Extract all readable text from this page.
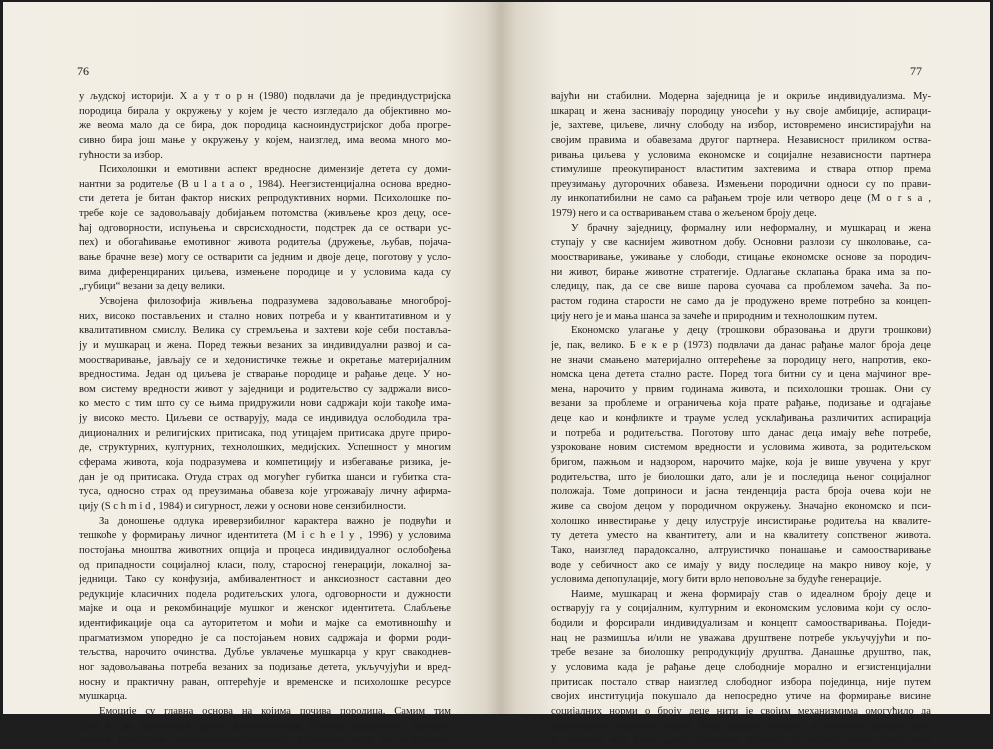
76
у људској историји. Х а у т о р н (1980) подвлачи да је прединдустријска
породица бирала у окружењу у којем је често изгледало да објективно мо-
же веома мало да се бира, док породица касноиндустријског доба прогре-
сивно бира још мање у окружењу у којем, наизглед, има веома много мо-
гућности за избор.
Психолошки и емотивни аспект вредносне димензије детета су доми-
нантни за родитеље (B u l a t a o , 1984). Неегзистенцијална основа вредно-
сти детета је битан фактор ниских репродуктивних норми. Психолошке по-
требе које се задовољавају добијањем потомства (живљење кроз децу, осе-
ћај одговорности, испуњења и сврсисходности, подстрек да се оствари ус-
пех) и обогаћивање емотивног живота родитеља (дружење, љубав, појача-
вање брачне везе) могу се остварити са једним и двоје деце, поготову у усло-
вима диференцираних циљева, измењене породице и у условима када су
„губици“ везани за децу велики.
Усвојена филозофија живљења подразумева задовољавање многобрoј-
них, високо постављених и стално нових потреба и у квантитативном и у
квалитативном смислу. Велика су стремљења и захтеви које себи постављa-
ју и мушкарац и жена. Поред тежњи везаних за индивидуални развој и са-
моостваривање, јављају се и хедонистичке тежње и окретање материјалним
вредностима. Један од циљева је стварање породице и рађање деце. У но-
вом систему вредности живот у заједници и родитељство су задржали висо-
ко место с тим што су се њима придружили нови садржаји који такође има-
ју високо место. Циљеви се остварују, мада се индивидуа ослободила тра-
диционалних и религијских притисака, под утицајем притисака друге приро-
де, структурних, културних, технолошких, медијских. Успешност у многим
сферама живота, која подразумева и компетицију и избегавање ризика, је-
дан је од притисака. Отуда страх од могућег губитка шанси и губитка ста-
туса, односно страх од преузимања обавеза које угрожавају личну афирма-
цију (S c h m i d , 1984) и сигурност, лежи у основи нове сензибилности.
За доношење одлука иреверзибилног карактера важно је подвући и
тешкоће у формирању личног идентитета (M i c h e l y , 1996) у условима
постојања мноштва животних опција и процеса индивидуалног ослобођења
од припадности социјалној класи, полу, старосној генерацији, локалној за-
једници. Тако су конфузија, амбивалентност и анксиозност саставни део
редукције класичних подела родитељских улога, одговорности и дужности
мајке и оца и рекомбинације мушког и женског идентитета. Слабљење
идентификације оца са ауторитетом и моћи и мајке са емотивношћу и
прагматизмом упоредно је са постојањем нових садржаја и форми роди-
тељства, нарочито очинства. Дубље увлачење мушкарца у круг свакоднев-
ног задовољавања потреба везаних за подизање детета, укључујући и вред-
носну и практичну раван, оптерећује и временске и психолошке ресурсе
мушкарца.
Емоције су главна основа на којима почива породица. Самим тим
брак и све присутнији други, флексибилнији, облици заједништва проузро-
ковани процесима деинституционализације, дугорочно нису ни подразуме-
77
вајући ни стабилни. Модерна заједница је и окриље индивидуализма. Му-
шкарац и жена заснивају породицу уносећи у њу своје амбиције, аспираци-
је, захтеве, циљеве, личну слободу на избор, истовремено инсистирајући на
својим правима и обавезама другог партнера. Независност приликом оства-
ривања циљева у условима економске и социјалне независности партнера
стимулише преокупираност властитим захтевима и ствара отпор према
преузимању дугорочних обавеза. Измењени породични односи су по прави-
лу инкопатибилни не само са рађањем троје или четворо деце (M o r s a ,
1979) него и са остваривањем става о жељеном броју деце.
У брачну заједницу, формалну или неформалну, и мушкарац и жена
ступају у све каснијем животном добу. Основни разлози су школовање, са-
моостваривање, уживање у слободи, стицање економске основе за породич-
ни живот, бирање животне стратегије. Одлагање склапања брака има за по-
следицу, пак, да се све више парова суочава са проблемом зачећа. За по-
растом година старости не само да је продужено време потребно за концеп-
цију него је и мања шанса за зачеће и природним и технолошким путем.
Економско улагање у децу (трошкови образовања и други трошкови)
је, пак, велико. Б е к е р (1973) подвлачи да данас рађање малог броја деце
не значи смањено материјално оптерећење за породицу него, напротив, еко-
номска цена детета стално расте. Поред тога битни су и цена мајчиног вре-
мена, нарочито у првим годинама живота, и психолошки трошак. Они су
везани за проблеме и ограничења која прате рађање, подизање и одгајање
деце као и конфликте и трауме услед усклађивања различитих аспирација
и потреба и родитељства. Поготову што данас деца имају веће потребе,
узроковане новим системом вредности и условима живота, за родитељском
бригом, пажњом и надзором, нарочито мајке, која је више увучена у круг
родитељства, што је биолошки дато, али је и последица њеног социјалног
положаја. Томе доприноси и јасна тенденција раста броја очева који не
живе са својом децом у породичном окружењу. Значајно економско и пси-
холошко инвестирање у децу илуструје инсистирање родитеља на квалите-
ту детета уместо на квантитету, али и на квалитету сопственог живота.
Тако, наизглед парадоксално, алтруистичко понашање и самоостваривање
воде у себичност ако се имају у виду последице на макро нивоу које, у
условима депопулације, могу бити врло неповољне за будуће генерације.
Наиме, мушкарац и жена формирају став о идеалном броју деце и
остварују га у социјалним, културним и економским условима који су осло-
бодили и форсирали индивидуализам и концепт самоостваривања. Поједи-
нац не размишља и/или не уважава друштвене потребе укључујући и по-
требе везане за биолошку репродукцију друштва. Данашње друштво, пак,
у условима када је рађање деце слободније морално и егзистенцијални
притисак постало ствар наизглед слободног избора појединца, није путем
својих институција покушало да непосредно утиче на формирање висине
социјалних норми о броју деце нити је својим механизмима омогућило да
равноправна животна опција буде рађање уопште, а поготову рађање тро-
је, четворо или више деце. Напротив. Резултат је рађање малог броја деце
